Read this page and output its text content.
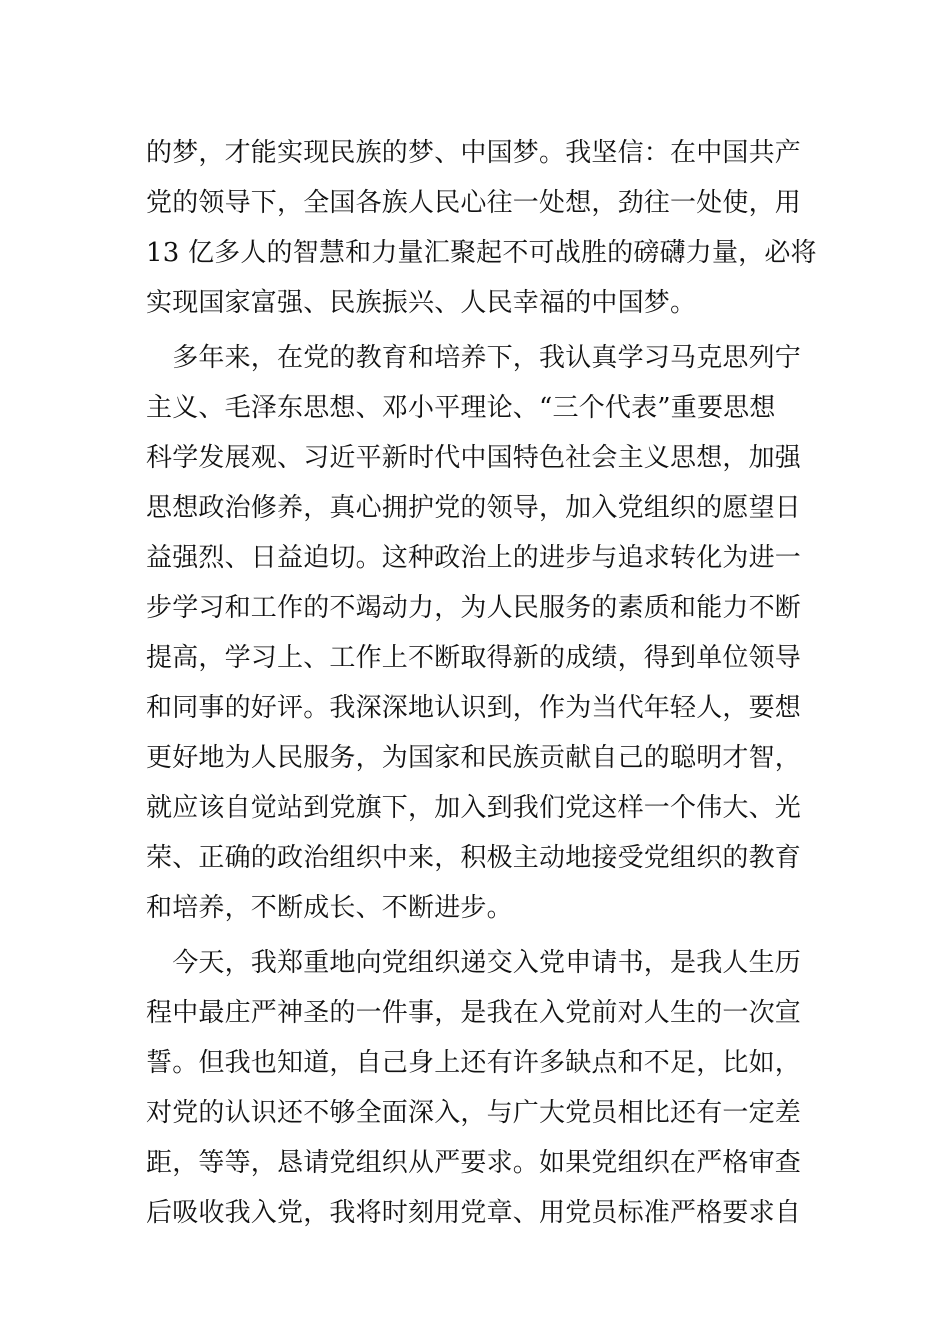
的梦，才能实现民族的梦、中国梦。我坚信：在中国共产

党的领导下，全国各族人民心往一处想，劲往一处使，用

13 亿多人的智慧和力量汇聚起不可战胜的磅礴力量，必将

实现国家富强、民族振兴、人民幸福的中国梦。

　多年来，在党的教育和培养下，我认真学习马克思列宁

主义、毛泽东思想、邓小平理论、“三个代表”重要思想

科学发展观、习近平新时代中国特色社会主义思想，加强

思想政治修养，真心拥护党的领导，加入党组织的愿望日

益强烈、日益迫切。这种政治上的进步与追求转化为进一

步学习和工作的不竭动力，为人民服务的素质和能力不断

提高，学习上、工作上不断取得新的成绩，得到单位领导

和同事的好评。我深深地认识到，作为当代年轻人，要想

更好地为人民服务，为国家和民族贡献自己的聪明才智，

就应该自觉站到党旗下，加入到我们党这样一个伟大、光

荣、正确的政治组织中来，积极主动地接受党组织的教育

和培养，不断成长、不断进步。

　今天，我郑重地向党组织递交入党申请书，是我人生历

程中最庄严神圣的一件事，是我在入党前对人生的一次宣

誓。但我也知道，自己身上还有许多缺点和不足，比如，

对党的认识还不够全面深入，与广大党员相比还有一定差

距，等等，恳请党组织从严要求。如果党组织在严格审查

后吸收我入党，我将时刻用党章、用党员标准严格要求自
